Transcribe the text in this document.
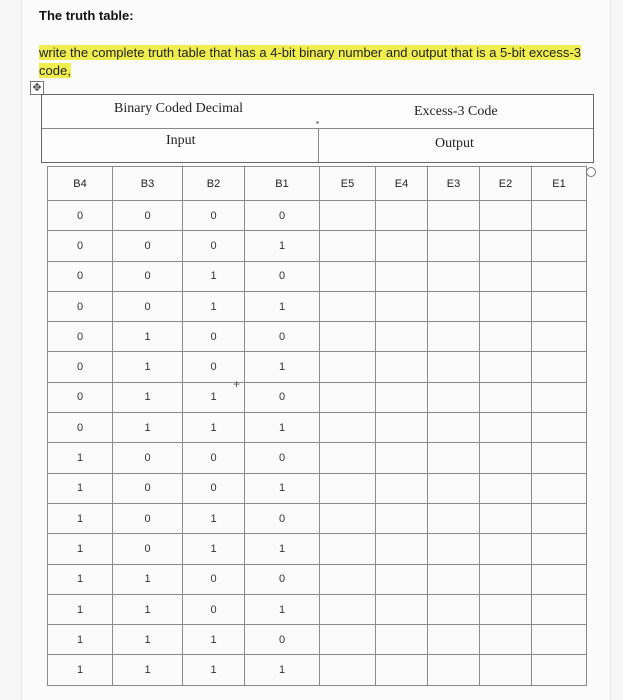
The truth table:
write the complete truth table that has a 4-bit binary number and output that is a 5-bit excess-3 code,
✥
Binary Coded Decimal	Excess-3 Code
Input	Output
B4	B3	B2	B1	E5	E4	E3	E2	E1
0	0	0	0					
0	0	0	1					
0	0	1	0					
0	0	1	1					
0	1	0	0					
0	1	0	1					
0	1	1	0					
0	1	1	1					
1	0	0	0					
1	0	0	1					
1	0	1	0					
1	0	1	1					
1	1	0	0					
1	1	0	1					
1	1	1	0					
1	1	1	1					
+
